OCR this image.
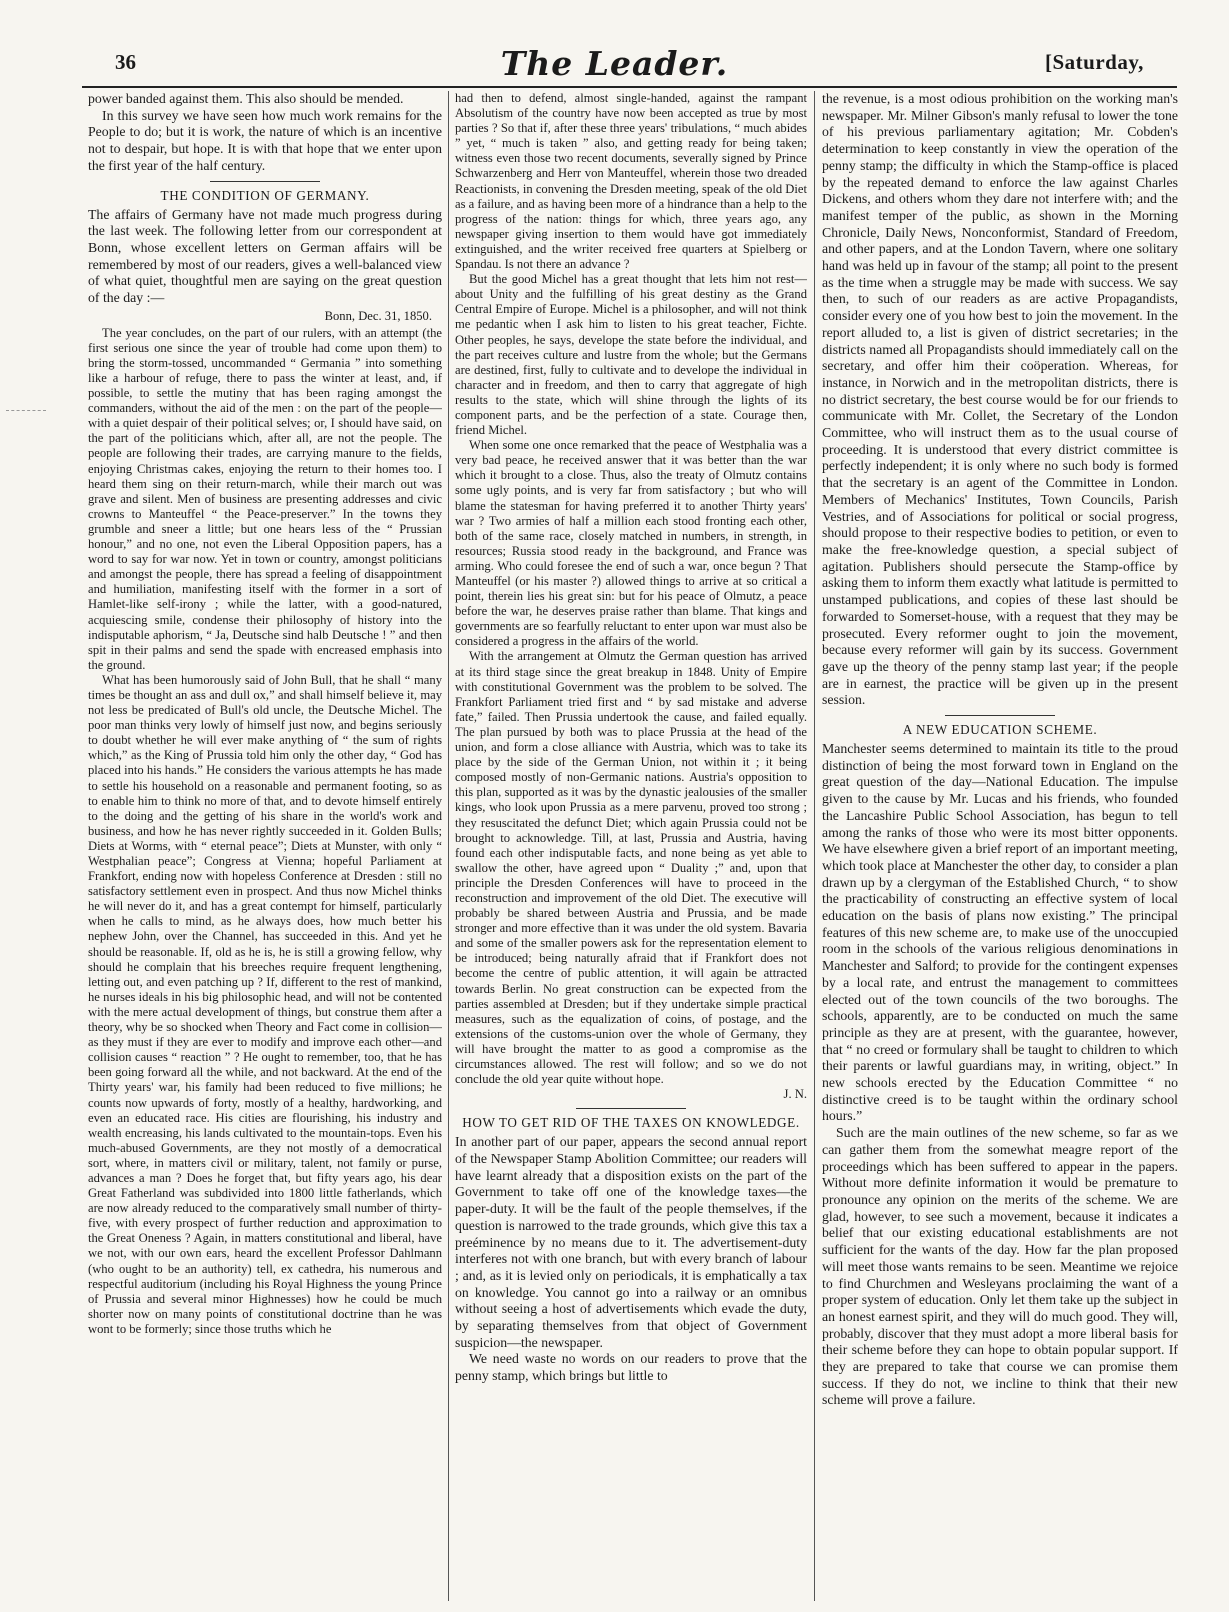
36	The Leader.	[Saturday,

power banded against them. This also should be mended.

In this survey we have seen how much work remains for the People to do; but it is work, the nature of which is an incentive not to despair, but hope. It is with that hope that we enter upon the first year of the half century.

THE CONDITION OF GERMANY.

The affairs of Germany have not made much progress during the last week. The following letter from our correspondent at Bonn, whose excellent letters on German affairs will be remembered by most of our readers, gives a well-balanced view of what quiet, thoughtful men are saying on the great question of the day :—

Bonn, Dec. 31, 1850.

The year concludes, on the part of our rulers, with an attempt (the first serious one since the year of trouble had come upon them) to bring the storm-tossed, uncommanded “ Germania ” into something like a harbour of refuge, there to pass the winter at least, and, if possible, to settle the mutiny that has been raging amongst the commanders, without the aid of the men : on the part of the people—with a quiet despair of their political selves; or, I should have said, on the part of the politicians which, after all, are not the people. The people are following their trades, are carrying manure to the fields, enjoying Christmas cakes, enjoying the return to their homes too. I heard them sing on their return-march, while their march out was grave and silent. Men of business are presenting addresses and civic crowns to Manteuffel “ the Peace-preserver.” In the towns they grumble and sneer a little; but one hears less of the “ Prussian honour,” and no one, not even the Liberal Opposition papers, has a word to say for war now. Yet in town or country, amongst politicians and amongst the people, there has spread a feeling of disappointment and humiliation, manifesting itself with the former in a sort of Hamlet-like self-irony ; while the latter, with a good-natured, acquiescing smile, condense their philosophy of history into the indisputable aphorism, “ Ja, Deutsche sind halb Deutsche ! ” and then spit in their palms and send the spade with encreased emphasis into the ground.

What has been humorously said of John Bull, that he shall “ many times be thought an ass and dull ox,” and shall himself believe it, may not less be predicated of Bull's old uncle, the Deutsche Michel. The poor man thinks very lowly of himself just now, and begins seriously to doubt whether he will ever make anything of “ the sum of rights which,” as the King of Prussia told him only the other day, “ God has placed into his hands.” He considers the various attempts he has made to settle his household on a reasonable and permanent footing, so as to enable him to think no more of that, and to devote himself entirely to the doing and the getting of his share in the world's work and business, and how he has never rightly succeeded in it. Golden Bulls; Diets at Worms, with “ eternal peace”; Diets at Munster, with only “ Westphalian peace”; Congress at Vienna; hopeful Parliament at Frankfort, ending now with hopeless Conference at Dresden : still no satisfactory settlement even in prospect. And thus now Michel thinks he will never do it, and has a great contempt for himself, particularly when he calls to mind, as he always does, how much better his nephew John, over the Channel, has succeeded in this. And yet he should be reasonable. If, old as he is, he is still a growing fellow, why should he complain that his breeches require frequent lengthening, letting out, and even patching up ? If, different to the rest of mankind, he nurses ideals in his big philosophic head, and will not be contented with the mere actual development of things, but construe them after a theory, why be so shocked when Theory and Fact come in collision—as they must if they are ever to modify and improve each other—and collision causes “ reaction ” ? He ought to remember, too, that he has been going forward all the while, and not backward. At the end of the Thirty years' war, his family had been reduced to five millions; he counts now upwards of forty, mostly of a healthy, hardworking, and even an educated race. His cities are flourishing, his industry and wealth encreasing, his lands cultivated to the mountain-tops. Even his much-abused Governments, are they not mostly of a democratical sort, where, in matters civil or military, talent, not family or purse, advances a man ? Does he forget that, but fifty years ago, his dear Great Fatherland was subdivided into 1800 little fatherlands, which are now already reduced to the comparatively small number of thirty-five, with every prospect of further reduction and approximation to the Great Oneness ? Again, in matters constitutional and liberal, have we not, with our own ears, heard the excellent Professor Dahlmann (who ought to be an authority) tell, ex cathedra, his numerous and respectful auditorium (including his Royal Highness the young Prince of Prussia and several minor Highnesses) how he could be much shorter now on many points of constitutional doctrine than he was wont to be formerly; since those truths which he

had then to defend, almost single-handed, against the rampant Absolutism of the country have now been accepted as true by most parties ? So that if, after these three years' tribulations, “ much abides ” yet, “ much is taken ” also, and getting ready for being taken; witness even those two recent documents, severally signed by Prince Schwarzenberg and Herr von Manteuffel, wherein those two dreaded Reactionists, in convening the Dresden meeting, speak of the old Diet as a failure, and as having been more of a hindrance than a help to the progress of the nation: things for which, three years ago, any newspaper giving insertion to them would have got immediately extinguished, and the writer received free quarters at Spielberg or Spandau. Is not there an advance ?

But the good Michel has a great thought that lets him not rest—about Unity and the fulfilling of his great destiny as the Grand Central Empire of Europe. Michel is a philosopher, and will not think me pedantic when I ask him to listen to his great teacher, Fichte. Other peoples, he says, develope the state before the individual, and the part receives culture and lustre from the whole; but the Germans are destined, first, fully to cultivate and to develope the individual in character and in freedom, and then to carry that aggregate of high results to the state, which will shine through the lights of its component parts, and be the perfection of a state. Courage then, friend Michel.

When some one once remarked that the peace of Westphalia was a very bad peace, he received answer that it was better than the war which it brought to a close. Thus, also the treaty of Olmutz contains some ugly points, and is very far from satisfactory ; but who will blame the statesman for having preferred it to another Thirty years' war ? Two armies of half a million each stood fronting each other, both of the same race, closely matched in numbers, in strength, in resources; Russia stood ready in the background, and France was arming. Who could foresee the end of such a war, once begun ? That Manteuffel (or his master ?) allowed things to arrive at so critical a point, therein lies his great sin: but for his peace of Olmutz, a peace before the war, he deserves praise rather than blame. That kings and governments are so fearfully reluctant to enter upon war must also be considered a progress in the affairs of the world.

With the arrangement at Olmutz the German question has arrived at its third stage since the great breakup in 1848. Unity of Empire with constitutional Government was the problem to be solved. The Frankfort Parliament tried first and “ by sad mistake and adverse fate,” failed. Then Prussia undertook the cause, and failed equally. The plan pursued by both was to place Prussia at the head of the union, and form a close alliance with Austria, which was to take its place by the side of the German Union, not within it ; it being composed mostly of non-Germanic nations. Austria's opposition to this plan, supported as it was by the dynastic jealousies of the smaller kings, who look upon Prussia as a mere parvenu, proved too strong ; they resuscitated the defunct Diet; which again Prussia could not be brought to acknowledge. Till, at last, Prussia and Austria, having found each other indisputable facts, and none being as yet able to swallow the other, have agreed upon “ Duality ;” and, upon that principle the Dresden Conferences will have to proceed in the reconstruction and improvement of the old Diet. The executive will probably be shared between Austria and Prussia, and be made stronger and more effective than it was under the old system. Bavaria and some of the smaller powers ask for the representation element to be introduced; being naturally afraid that if Frankfort does not become the centre of public attention, it will again be attracted towards Berlin. No great construction can be expected from the parties assembled at Dresden; but if they undertake simple practical measures, such as the equalization of coins, of postage, and the extensions of the customs-union over the whole of Germany, they will have brought the matter to as good a compromise as the circumstances allowed. The rest will follow; and so we do not conclude the old year quite without hope.

J. N.
HOW TO GET RID OF THE TAXES ON KNOWLEDGE.

In another part of our paper, appears the second annual report of the Newspaper Stamp Abolition Committee; our readers will have learnt already that a disposition exists on the part of the Government to take off one of the knowledge taxes—the paper-duty. It will be the fault of the people themselves, if the question is narrowed to the trade grounds, which give this tax a preéminence by no means due to it. The advertisement-duty interferes not with one branch, but with every branch of labour ; and, as it is levied only on periodicals, it is emphatically a tax on knowledge. You cannot go into a railway or an omnibus without seeing a host of advertisements which evade the duty, by separating themselves from that object of Government suspicion—the newspaper.

We need waste no words on our readers to prove that the penny stamp, which brings but little to

the revenue, is a most odious prohibition on the working man's newspaper. Mr. Milner Gibson's manly refusal to lower the tone of his previous parliamentary agitation; Mr. Cobden's determination to keep constantly in view the operation of the penny stamp; the difficulty in which the Stamp-office is placed by the repeated demand to enforce the law against Charles Dickens, and others whom they dare not interfere with; and the manifest temper of the public, as shown in the Morning Chronicle, Daily News, Nonconformist, Standard of Freedom, and other papers, and at the London Tavern, where one solitary hand was held up in favour of the stamp; all point to the present as the time when a struggle may be made with success. We say then, to such of our readers as are active Propagandists, consider every one of you how best to join the movement. In the report alluded to, a list is given of district secretaries; in the districts named all Propagandists should immediately call on the secretary, and offer him their coöperation. Whereas, for instance, in Norwich and in the metropolitan districts, there is no district secretary, the best course would be for our friends to communicate with Mr. Collet, the Secretary of the London Committee, who will instruct them as to the usual course of proceeding. It is understood that every district committee is perfectly independent; it is only where no such body is formed that the secretary is an agent of the Committee in London. Members of Mechanics' Institutes, Town Councils, Parish Vestries, and of Associations for political or social progress, should propose to their respective bodies to petition, or even to make the free-knowledge question, a special subject of agitation. Publishers should persecute the Stamp-office by asking them to inform them exactly what latitude is permitted to unstamped publications, and copies of these last should be forwarded to Somerset-house, with a request that they may be prosecuted. Every reformer ought to join the movement, because every reformer will gain by its success. Government gave up the theory of the penny stamp last year; if the people are in earnest, the practice will be given up in the present session.

A NEW EDUCATION SCHEME.

Manchester seems determined to maintain its title to the proud distinction of being the most forward town in England on the great question of the day—National Education. The impulse given to the cause by Mr. Lucas and his friends, who founded the Lancashire Public School Association, has begun to tell among the ranks of those who were its most bitter opponents. We have elsewhere given a brief report of an important meeting, which took place at Manchester the other day, to consider a plan drawn up by a clergyman of the Established Church, “ to show the practicability of constructing an effective system of local education on the basis of plans now existing.” The principal features of this new scheme are, to make use of the unoccupied room in the schools of the various religious denominations in Manchester and Salford; to provide for the contingent expenses by a local rate, and entrust the management to committees elected out of the town councils of the two boroughs. The schools, apparently, are to be conducted on much the same principle as they are at present, with the guarantee, however, that “ no creed or formulary shall be taught to children to which their parents or lawful guardians may, in writing, object.” In new schools erected by the Education Committee “ no distinctive creed is to be taught within the ordinary school hours.”

Such are the main outlines of the new scheme, so far as we can gather them from the somewhat meagre report of the proceedings which has been suffered to appear in the papers. Without more definite information it would be premature to pronounce any opinion on the merits of the scheme. We are glad, however, to see such a movement, because it indicates a belief that our existing educational establishments are not sufficient for the wants of the day. How far the plan proposed will meet those wants remains to be seen. Meantime we rejoice to find Churchmen and Wesleyans proclaiming the want of a proper system of education. Only let them take up the subject in an honest earnest spirit, and they will do much good. They will, probably, discover that they must adopt a more liberal basis for their scheme before they can hope to obtain popular support. If they are prepared to take that course we can promise them success. If they do not, we incline to think that their new scheme will prove a failure.
